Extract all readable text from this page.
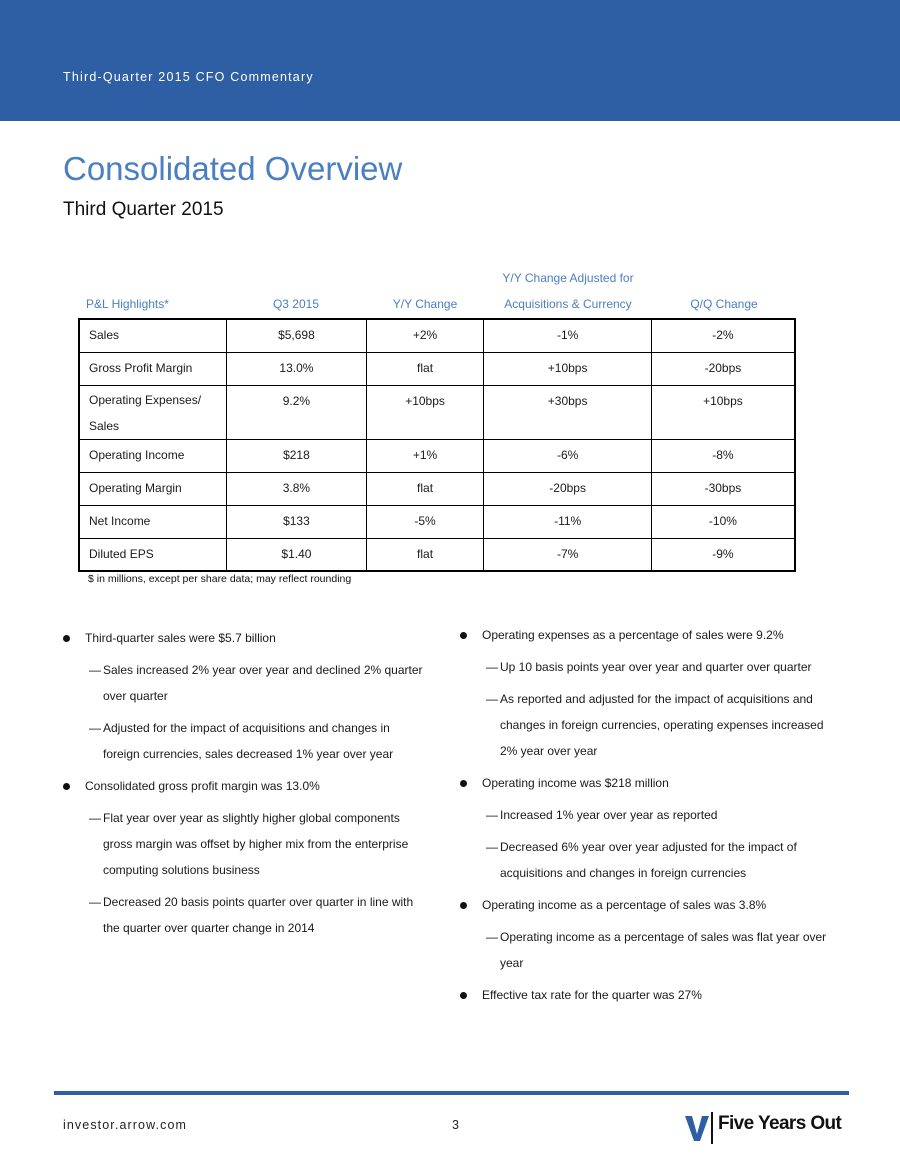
Third-Quarter 2015 CFO Commentary
Consolidated Overview
Third Quarter 2015
P&L Highlights*	Q3 2015	Y/Y Change
Y/Y Change Adjusted for
Acquisitions & Currency	Q/Q Change
Sales	$5,698	+2%	-1%	-2%
Gross Profit Margin	13.0%	flat	+10bps	-20bps

Operating Expenses/
Sales	9.2%	+10bps	+30bps	+10bps
Operating Income	$218	+1%	-6%	-8%
Operating Margin	3.8%	flat	-20bps	-30bps
Net Income	$133	-5%	-11%	-10%
Diluted EPS	$1.40	flat	-7%	-9%
$ in millions, except per share data; may reflect rounding
Third-quarter sales were $5.7 billion
— Sales increased 2% year over year and declined 2% quarter over quarter
— Adjusted for the impact of acquisitions and changes in foreign currencies, sales decreased 1% year over year
Consolidated gross profit margin was 13.0%
— Flat year over year as slightly higher global components gross margin was offset by higher mix from the enterprise computing solutions business
— Decreased 20 basis points quarter over quarter in line with the quarter over quarter change in 2014
Operating expenses as a percentage of sales were 9.2%
— Up 10 basis points year over year and quarter over quarter
— As reported and adjusted for the impact of acquisitions and changes in foreign currencies, operating expenses increased 2% year over year
Operating income was $218 million
— Increased 1% year over year as reported
— Decreased 6% year over year adjusted for the impact of acquisitions and changes in foreign currencies
Operating income as a percentage of sales was 3.8%
— Operating income as a percentage of sales was flat year over year
Effective tax rate for the quarter was 27%
investor.arrow.com	3	Five Years Out
